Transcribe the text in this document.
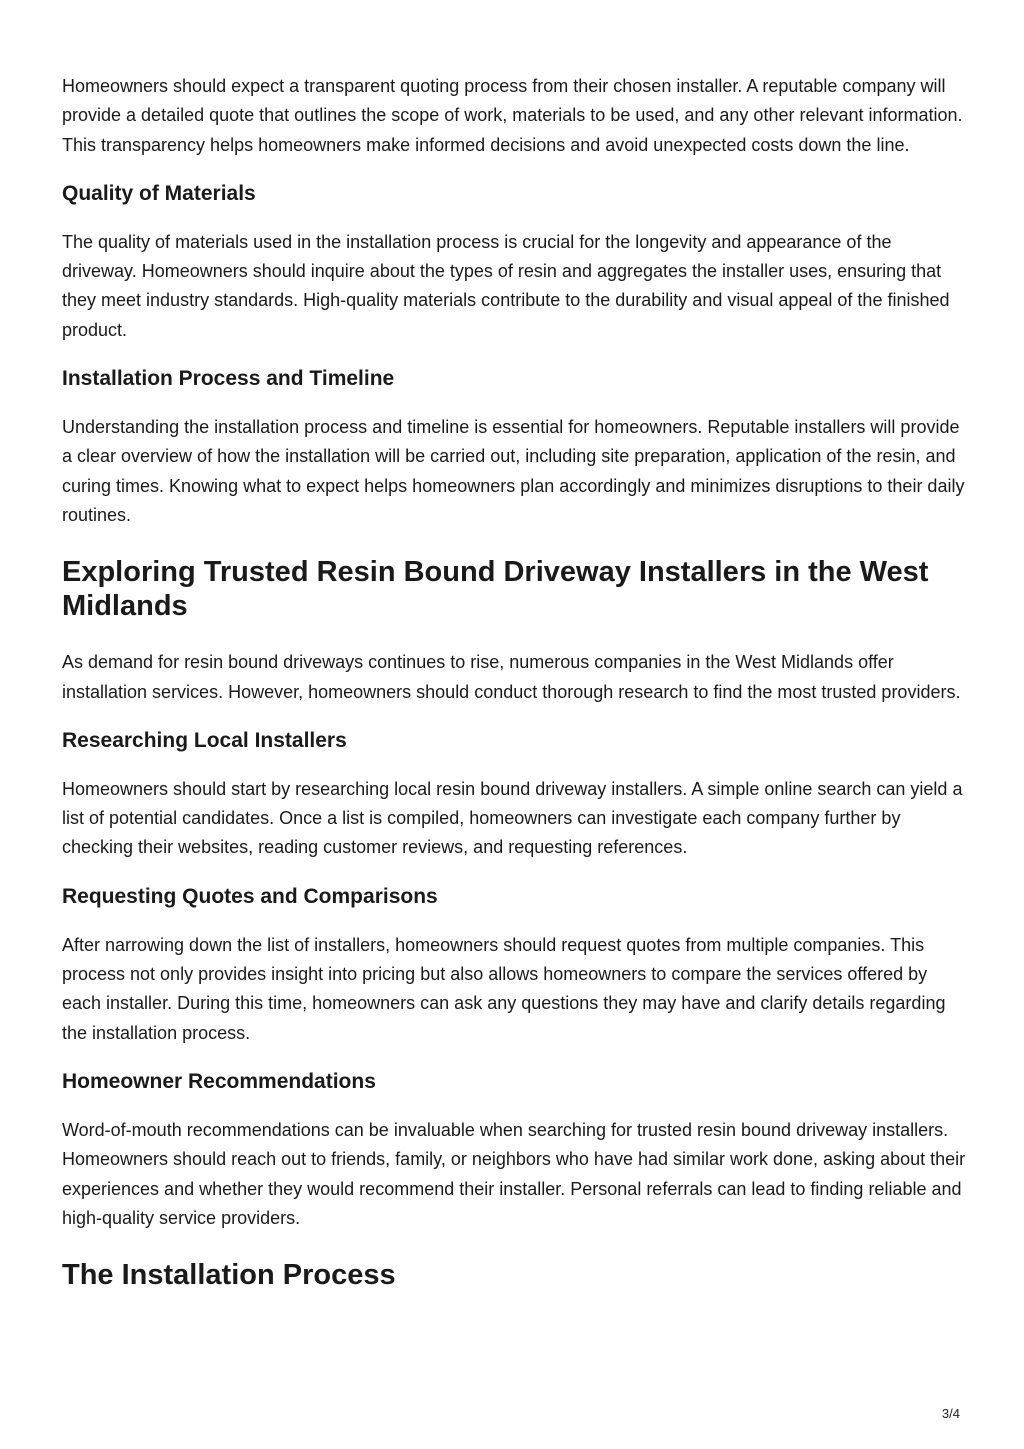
Homeowners should expect a transparent quoting process from their chosen installer. A reputable company will provide a detailed quote that outlines the scope of work, materials to be used, and any other relevant information. This transparency helps homeowners make informed decisions and avoid unexpected costs down the line.

Quality of Materials

The quality of materials used in the installation process is crucial for the longevity and appearance of the driveway. Homeowners should inquire about the types of resin and aggregates the installer uses, ensuring that they meet industry standards. High-quality materials contribute to the durability and visual appeal of the finished product.

Installation Process and Timeline

Understanding the installation process and timeline is essential for homeowners. Reputable installers will provide a clear overview of how the installation will be carried out, including site preparation, application of the resin, and curing times. Knowing what to expect helps homeowners plan accordingly and minimizes disruptions to their daily routines.

Exploring Trusted Resin Bound Driveway Installers in the West Midlands

As demand for resin bound driveways continues to rise, numerous companies in the West Midlands offer installation services. However, homeowners should conduct thorough research to find the most trusted providers.

Researching Local Installers

Homeowners should start by researching local resin bound driveway installers. A simple online search can yield a list of potential candidates. Once a list is compiled, homeowners can investigate each company further by checking their websites, reading customer reviews, and requesting references.

Requesting Quotes and Comparisons

After narrowing down the list of installers, homeowners should request quotes from multiple companies. This process not only provides insight into pricing but also allows homeowners to compare the services offered by each installer. During this time, homeowners can ask any questions they may have and clarify details regarding the installation process.

Homeowner Recommendations

Word-of-mouth recommendations can be invaluable when searching for trusted resin bound driveway installers. Homeowners should reach out to friends, family, or neighbors who have had similar work done, asking about their experiences and whether they would recommend their installer. Personal referrals can lead to finding reliable and high-quality service providers.

The Installation Process
3/4
